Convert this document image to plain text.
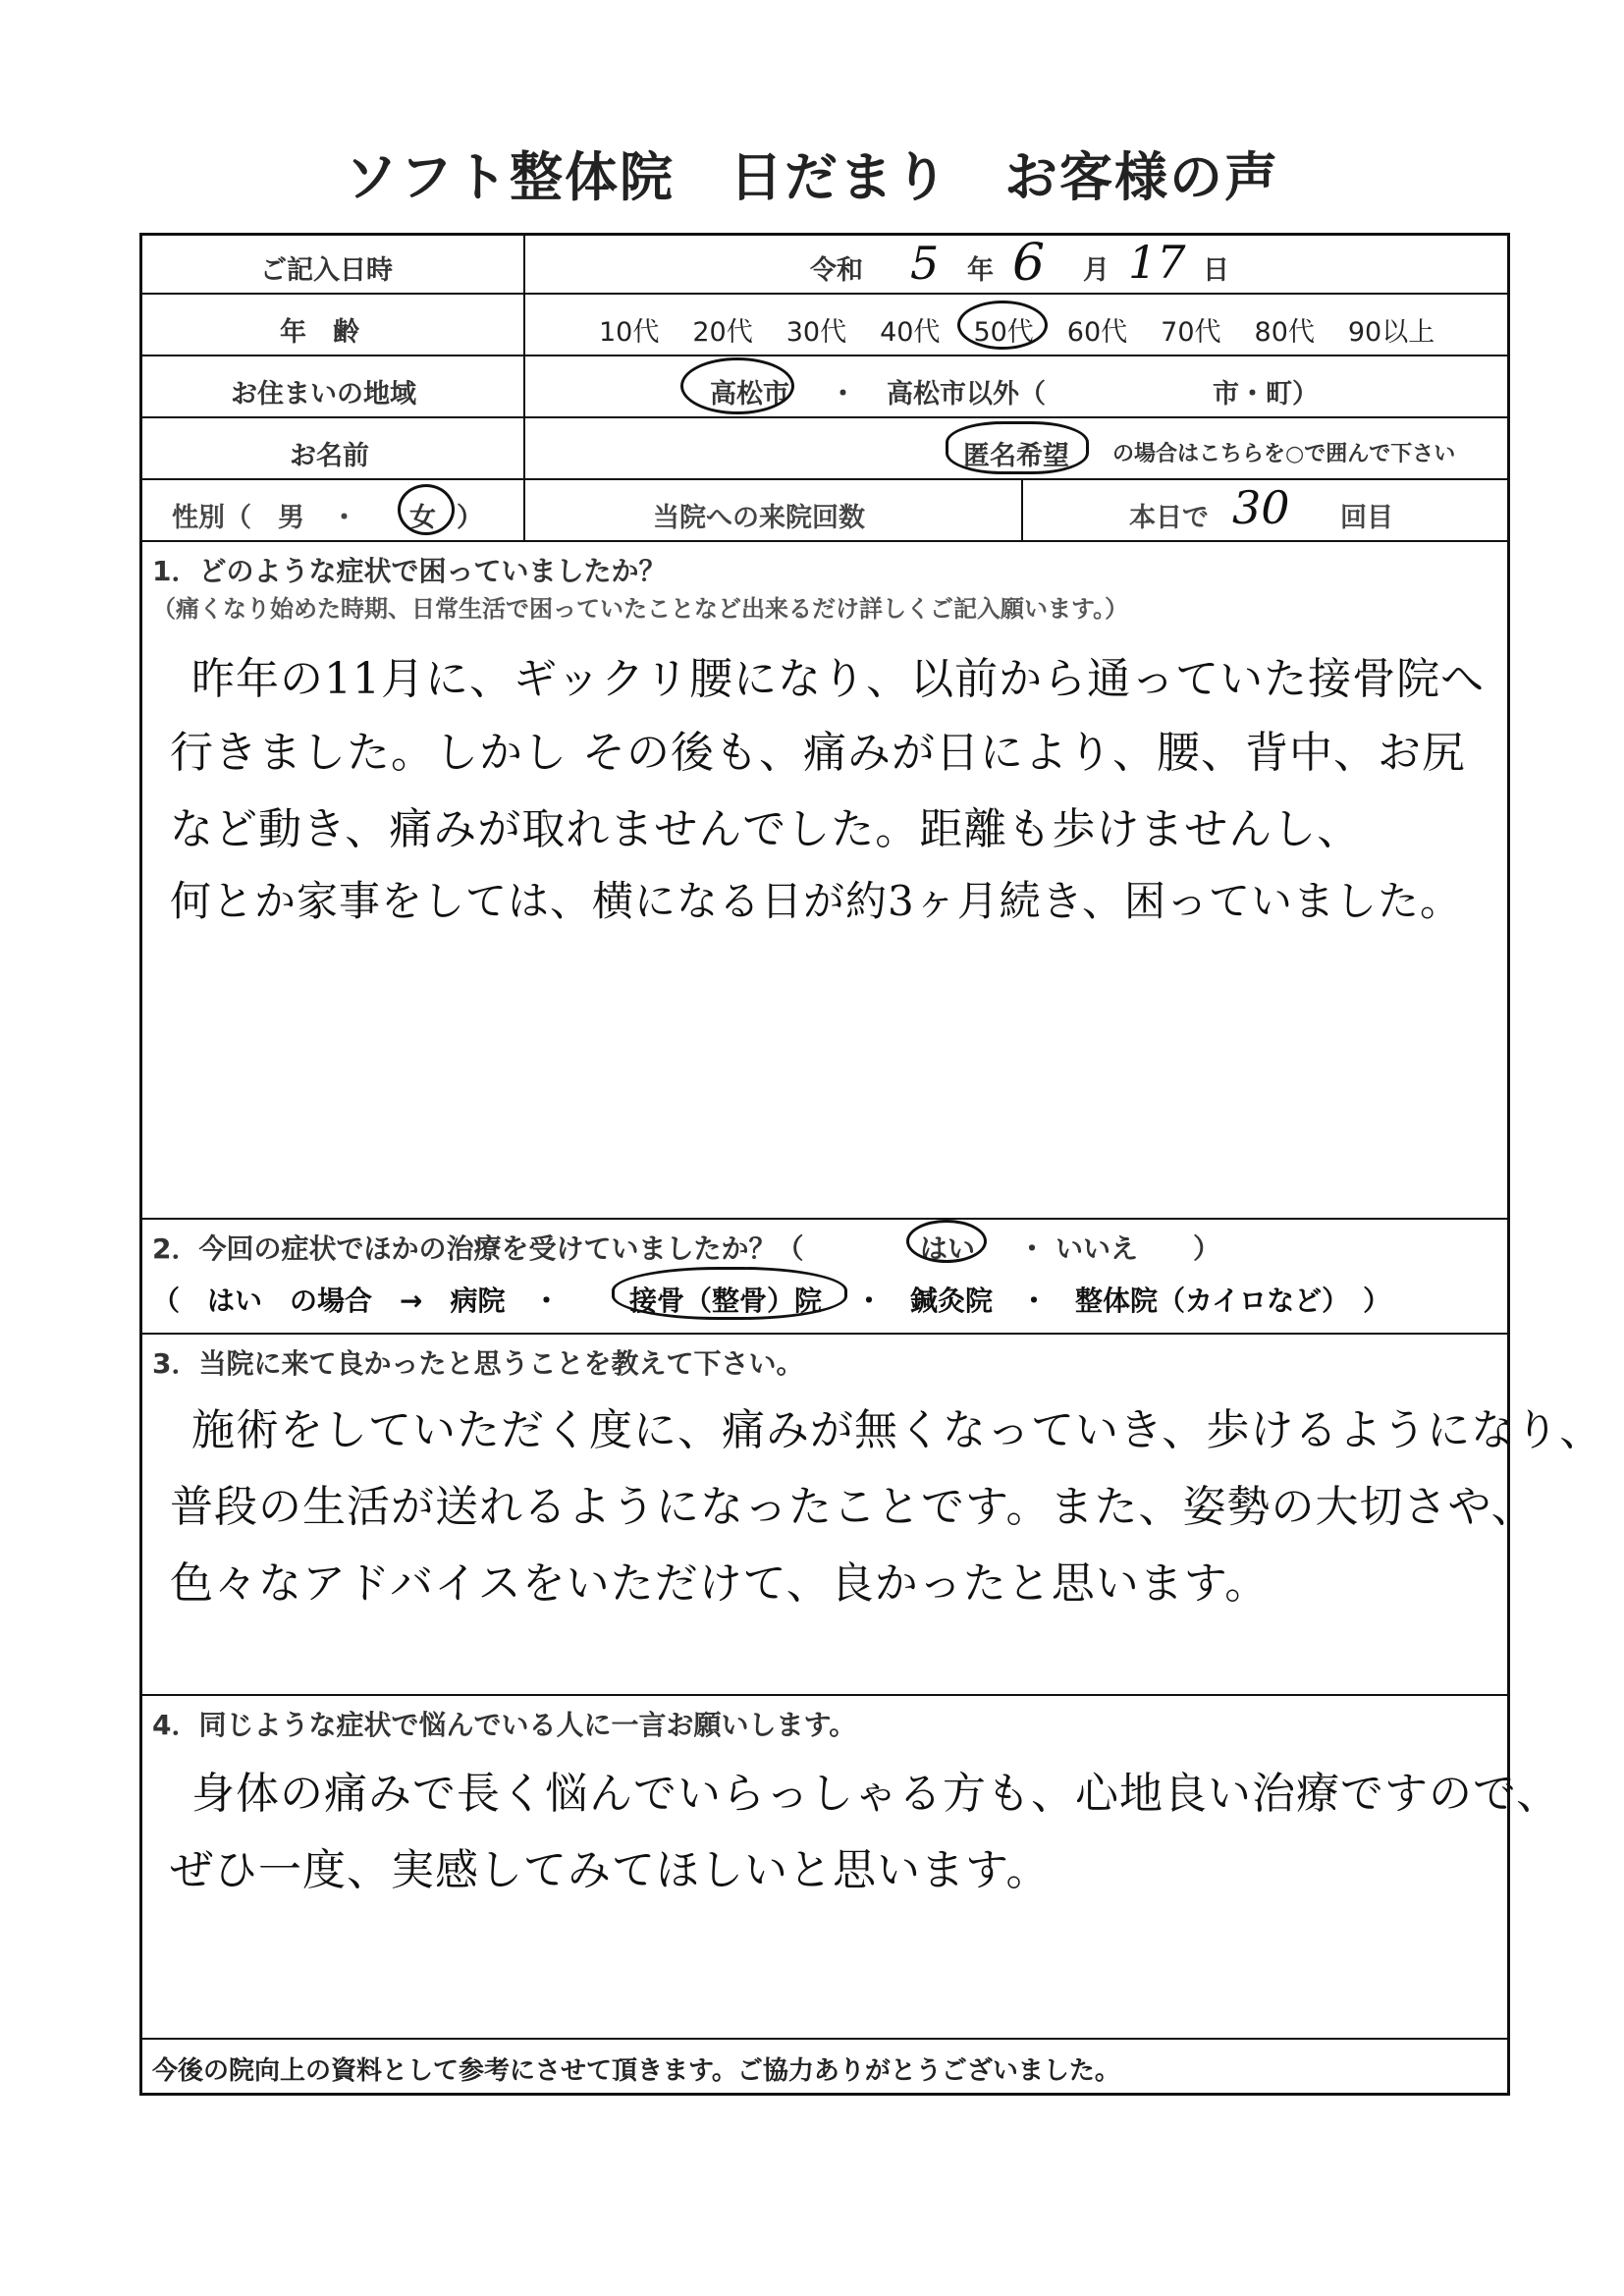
ソフト整体院 日だまり お客様の声
ご記入日時	令和 5 年 6 月 17 日
年　齢	10代 20代 30代 40代 50代 60代 70代 80代 90以上
お住まいの地域	高松市 ・ 高松市以外（	市・町）
お名前	匿名希望 の場合はこちらを○で囲んで下さい
性別（　男　・ 女 ）	当院への来院回数	本日で 30 回目
1．どのような症状で困っていましたか？
（痛くなり始めた時期、日常生活で困っていたことなど出来るだけ詳しくご記入願います。）
昨年の11月に、ギックリ腰になり、以前から通っていた接骨院へ
行きました。しかし その後も、痛みが日により、腰、背中、お尻
など動き、痛みが取れませんでした。距離も歩けませんし、
何とか家事をしては、横になる日が約3ヶ月続き、困っていました。
2．今回の症状でほかの治療を受けていましたか？（	はい ・ いいえ ）
（　はい　の場合　→　病院　・	接骨（整骨）院 ・　鍼灸院　・　整体院（カイロなど）　）
3．当院に来て良かったと思うことを教えて下さい。
施術をしていただく度に、痛みが無くなっていき、歩けるようになり、
普段の生活が送れるようになったことです。また、姿勢の大切さや、
色々なアドバイスをいただけて、良かったと思います。
4．同じような症状で悩んでいる人に一言お願いします。
身体の痛みで長く悩んでいらっしゃる方も、心地良い治療ですので、
ぜひ一度、実感してみてほしいと思います。
今後の院向上の資料として参考にさせて頂きます。ご協力ありがとうございました。
